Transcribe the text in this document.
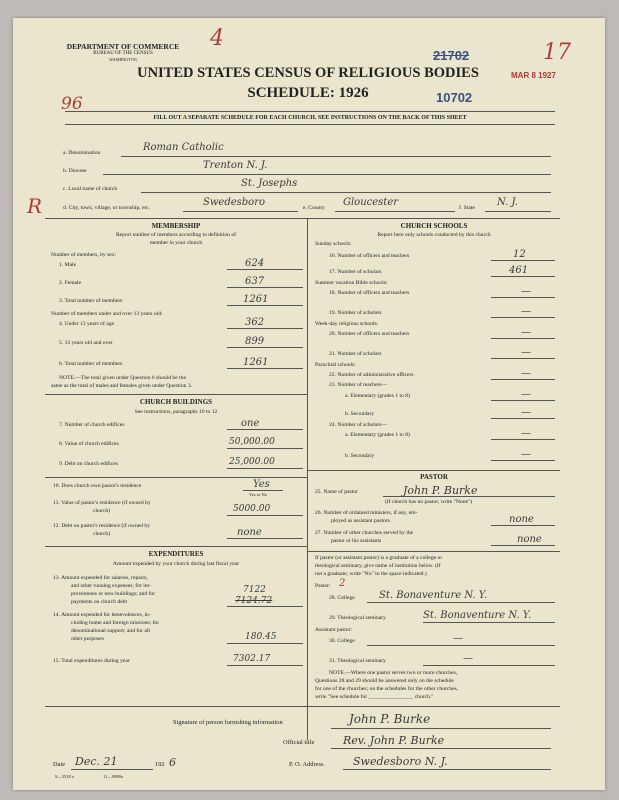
DEPARTMENT OF COMMERCE
BUREAU OF THE CENSUS
WASHINGTON
UNITED STATES CENSUS OF RELIGIOUS BODIES
SCHEDULE: 1926
FILL OUT A SEPARATE SCHEDULE FOR EACH CHURCH. SEE INSTRUCTIONS ON THE BACK OF THIS SHEET
21702
10702
MAR 8 1927
96
4
R
17
a. Denomination	Roman Catholic
b. Diocese	Trenton N. J.
c. Local name of church	St. Josephs
d. City, town, village, or township, etc.	Swedesboro	e. County Gloucester	f. State N. J.
MEMBERSHIP
Report number of members according to definition of
member in your church
Number of members, by sex:
1. Male	624
2. Female	637
3. Total number of members	1261
Number of members under and over 13 years old:
4. Under 13 years of age	362
5. 13 years old and over	899
6. Total number of members	1261
NOTE.—The total given under Question 6 should be the
same as the total of males and females given under Question 3.
CHURCH BUILDINGS
See instructions, paragraphs 10 to 12
7. Number of church edifices	one
8. Value of church edifices	50,000.00
9. Debt on church edifices	25,000.00
10. Does church own pastor's residence	Yes
Yes or No
11. Value of pastor's residence (if owned by
church)	5000.00
12. Debt on pastor's residence (if owned by
church)	none
EXPENDITURES
Amount expended by your church during last fiscal year
13. Amount expended for salaries, repairs,
and other running expenses; for im-
provements or new buildings; and for
payments on church debt
7122
7124.72
14. Amount expended for benevolences, in-
cluding home and foreign missions; for
denominational support; and for all
other purposes	180.45
15. Total expenditures during year	7302.17
CHURCH SCHOOLS
Report here only schools conducted by this church
Sunday schools:
16. Number of officers and teachers	12
17. Number of scholars	461
Summer vacation Bible schools:
18. Number of officers and teachers	—
19. Number of scholars	—
Week-day religious schools:
20. Number of officers and teachers	—
21. Number of scholars	—
Parochial schools:
22. Number of administrative officers	—
23. Number of teachers—
a. Elementary (grades 1 to 8)	—
b. Secondary	—
24. Number of scholars—
a. Elementary (grades 1 to 8)	—
b. Secondary	—
PASTOR
25. Name of pastor	John P. Burke
(If church has no pastor, write "None")
26. Number of ordained ministers, if any, em-
ployed as assistant pastors	none
27. Number of other churches served by the
pastor or his assistants	none
If pastor (or assistant pastor) is a graduate of a college or
theological seminary, give name of institution below. (If
not a graduate, write "No" in the space indicated.)
Pastor: 2
28. College St. Bonaventure N. Y.
29. Theological seminary	St. Bonaventure N. Y.
Assistant pastor:
30. College	—
31. Theological seminary	—
NOTE.—Where one pastor serves two or more churches,
Questions 28 and 29 should be answered only on the schedule
for one of the churches; on the schedules for the other churches,
write "See schedule for ________________ church."
Signature of person furnishing information	John P. Burke
Official title	Rev. John P. Burke
Date Dec. 21	192 6	P. O. Address	Swedesboro N. J.
9—5518 a	11—9088a
